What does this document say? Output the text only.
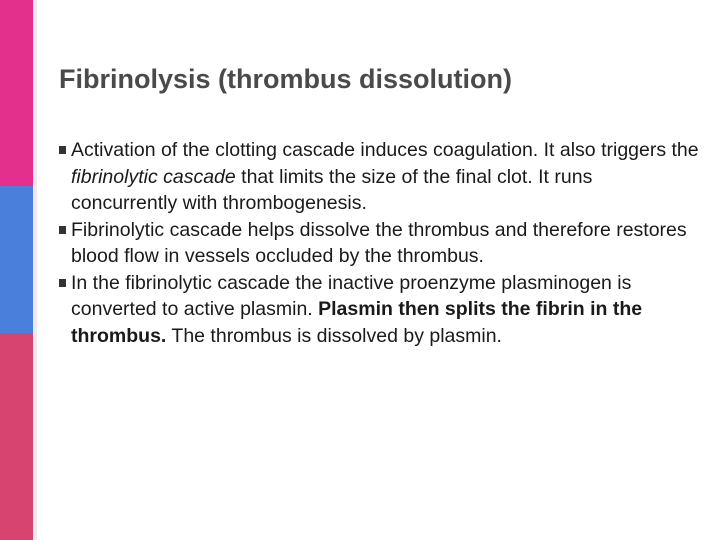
Fibrinolysis (thrombus dissolution)
Activation of the clotting cascade induces coagulation. It also triggers the fibrinolytic cascade that limits the size of the final clot. It runs concurrently with thrombogenesis.
Fibrinolytic cascade helps dissolve the thrombus and therefore restores blood flow in vessels occluded by the thrombus.
In the fibrinolytic cascade the inactive proenzyme plasminogen is converted to active plasmin. Plasmin then splits the fibrin in the thrombus. The thrombus is dissolved by plasmin.
